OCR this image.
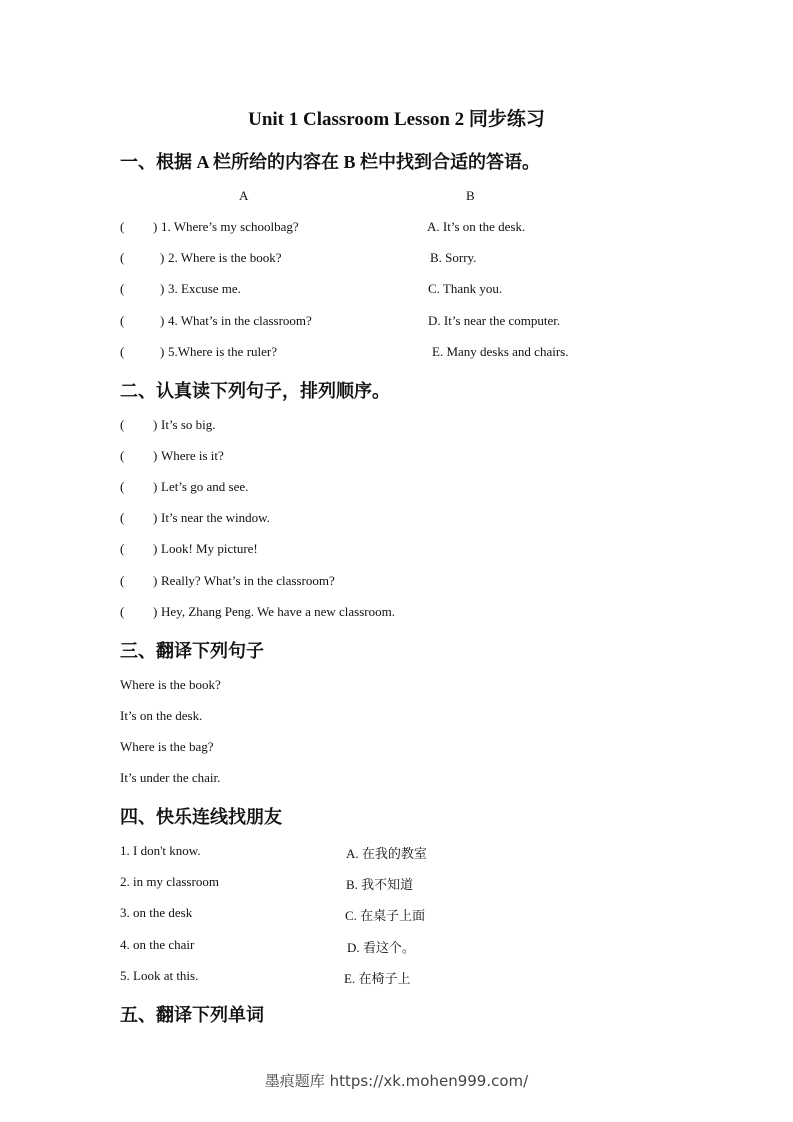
Unit 1 Classroom Lesson 2 同步练习
一、根据 A 栏所给的内容在 B 栏中找到合适的答语。
A	B
( ) 1. Where’s my schoolbag?	A. It’s on the desk.
(	) 2. Where is the book?	B. Sorry.
(	) 3. Excuse me.	C. Thank you.
(	) 4. What’s in the classroom?	D. It’s near the computer.
(	) 5.Where is the ruler?	E. Many desks and chairs.
二、认真读下列句子，排列顺序。
( ) It’s so big.
( ) Where is it?
( ) Let’s go and see.
( ) It’s near the window.
( ) Look! My picture!
( ) Really? What’s in the classroom?
( ) Hey, Zhang Peng. We have a new classroom.
三、翻译下列句子
Where is the book?
It’s on the desk.
Where is the bag?
It’s under the chair.
四、快乐连线找朋友
1. I don't know.	A. 在我的教室
2. in my classroom	B. 我不知道
3. on the desk	C. 在桌子上面
4. on the chair	D. 看这个。
5. Look at this.	E. 在椅子上
五、翻译下列单词
墨痕题库 https://xk.mohen999.com/
